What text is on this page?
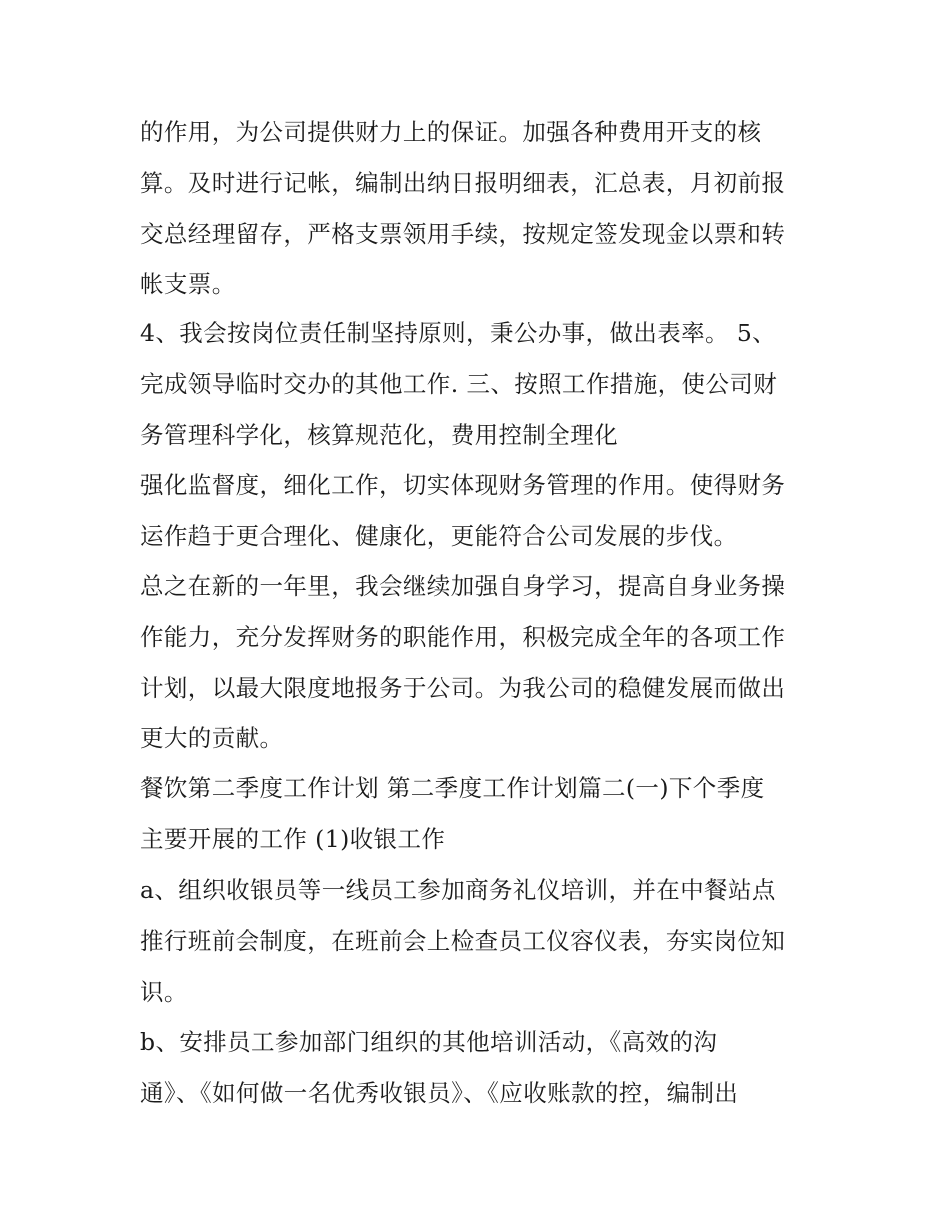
的作用，为公司提供财力上的保证。加强各种费用开支的核
算。及时进行记帐，编制出纳日报明细表，汇总表，月初前报
交总经理留存，严格支票领用手续，按规定签发现金以票和转
帐支票。
4、我会按岗位责任制坚持原则，秉公办事，做出表率。 5、
完成领导临时交办的其他工作. 三、按照工作措施，使公司财
务管理科学化，核算规范化，费用控制全理化
强化监督度，细化工作，切实体现财务管理的作用。使得财务
运作趋于更合理化、健康化，更能符合公司发展的步伐。
总之在新的一年里，我会继续加强自身学习，提高自身业务操
作能力，充分发挥财务的职能作用，积极完成全年的各项工作
计划，以最大限度地报务于公司。为我公司的稳健发展而做出
更大的贡献。
餐饮第二季度工作计划 第二季度工作计划篇二(一)下个季度
主要开展的工作 (1)收银工作
a、组织收银员等一线员工参加商务礼仪培训，并在中餐站点
推行班前会制度，在班前会上检查员工仪容仪表，夯实岗位知
识。
b、安排员工参加部门组织的其他培训活动，《高效的沟
通》、《如何做一名优秀收银员》、《应收账款的控，编制出
